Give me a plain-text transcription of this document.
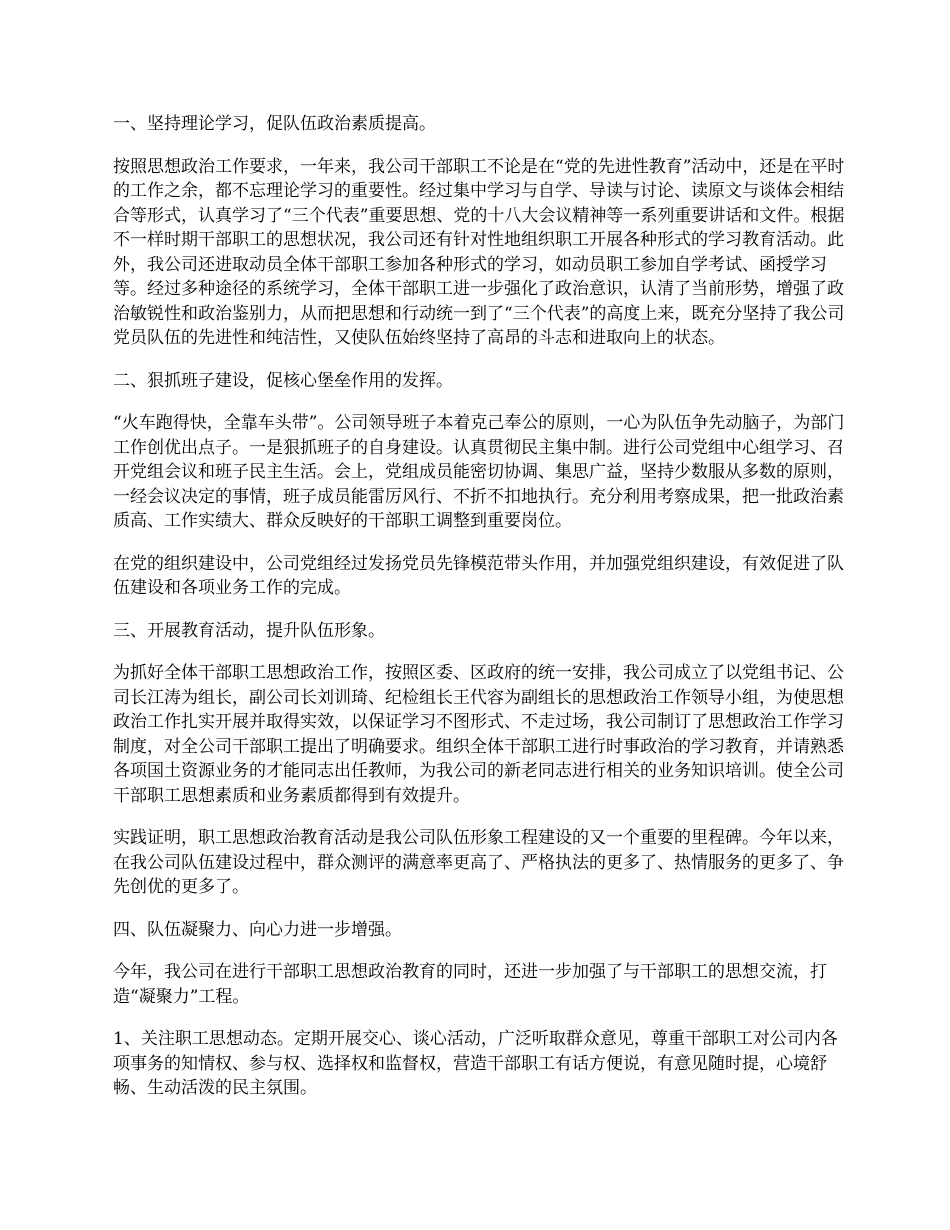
一、坚持理论学习，促队伍政治素质提高。

按照思想政治工作要求，一年来，我公司干部职工不论是在“党的先进性教育”活动中，还是在平时的工作之余，都不忘理论学习的重要性。经过集中学习与自学、导读与讨论、读原文与谈体会相结合等形式，认真学习了“三个代表”重要思想、党的十八大会议精神等一系列重要讲话和文件。根据不一样时期干部职工的思想状况，我公司还有针对性地组织职工开展各种形式的学习教育活动。此外，我公司还进取动员全体干部职工参加各种形式的学习，如动员职工参加自学考试、函授学习等。经过多种途径的系统学习，全体干部职工进一步强化了政治意识，认清了当前形势，增强了政治敏锐性和政治鉴别力，从而把思想和行动统一到了“三个代表”的高度上来，既充分坚持了我公司党员队伍的先进性和纯洁性，又使队伍始终坚持了高昂的斗志和进取向上的状态。

二、狠抓班子建设，促核心堡垒作用的发挥。

“火车跑得快，全靠车头带”。公司领导班子本着克己奉公的原则，一心为队伍争先动脑子，为部门工作创优出点子。一是狠抓班子的自身建设。认真贯彻民主集中制。进行公司党组中心组学习、召开党组会议和班子民主生活。会上，党组成员能密切协调、集思广益，坚持少数服从多数的原则，一经会议决定的事情，班子成员能雷厉风行、不折不扣地执行。充分利用考察成果，把一批政治素质高、工作实绩大、群众反映好的干部职工调整到重要岗位。

在党的组织建设中，公司党组经过发扬党员先锋模范带头作用，并加强党组织建设，有效促进了队伍建设和各项业务工作的完成。

三、开展教育活动，提升队伍形象。

为抓好全体干部职工思想政治工作，按照区委、区政府的统一安排，我公司成立了以党组书记、公司长江涛为组长，副公司长刘训琦、纪检组长王代容为副组长的思想政治工作领导小组，为使思想政治工作扎实开展并取得实效，以保证学习不图形式、不走过场，我公司制订了思想政治工作学习制度，对全公司干部职工提出了明确要求。组织全体干部职工进行时事政治的学习教育，并请熟悉各项国土资源业务的才能同志出任教师，为我公司的新老同志进行相关的业务知识培训。使全公司干部职工思想素质和业务素质都得到有效提升。

实践证明，职工思想政治教育活动是我公司队伍形象工程建设的又一个重要的里程碑。今年以来，在我公司队伍建设过程中，群众测评的满意率更高了、严格执法的更多了、热情服务的更多了、争先创优的更多了。

四、队伍凝聚力、向心力进一步增强。

今年，我公司在进行干部职工思想政治教育的同时，还进一步加强了与干部职工的思想交流，打造“凝聚力”工程。

1、关注职工思想动态。定期开展交心、谈心活动，广泛听取群众意见，尊重干部职工对公司内各项事务的知情权、参与权、选择权和监督权，营造干部职工有话方便说，有意见随时提，心境舒畅、生动活泼的民主氛围。
